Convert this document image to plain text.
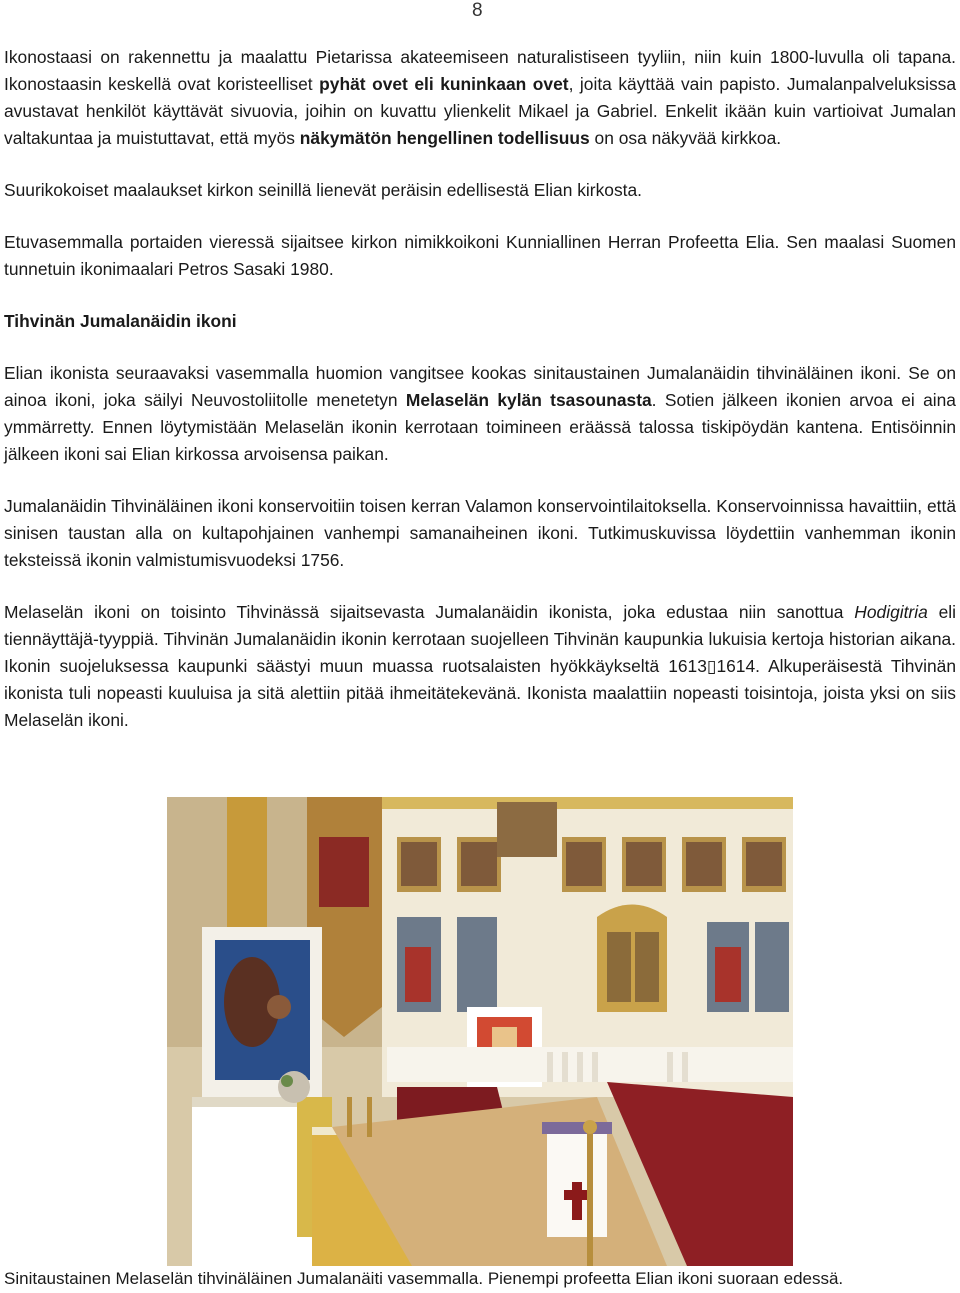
8

Ikonostaasi on rakennettu ja maalattu Pietarissa akateemiseen naturalistiseen tyyliin, niin kuin 1800-luvulla oli tapana. Ikonostaasin keskellä ovat koristeelliset pyhät ovet eli kuninkaan ovet, joita käyttää vain papisto. Jumalanpalveluksissa avustavat henkilöt käyttävät sivuovia, joihin on kuvattu ylienkelit Mikael ja Gabriel. Enkelit ikään kuin vartioivat Jumalan valtakuntaa ja muistuttavat, että myös näkymätön hengellinen todellisuus on osa näkyvää kirkkoa.

Suurikokoiset maalaukset kirkon seinillä lienevät peräisin edellisestä Elian kirkosta.

Etuvasemmalla portaiden vieressä sijaitsee kirkon nimikkoikoni Kunniallinen Herran Profeetta Elia. Sen maalasi Suomen tunnetuin ikonimaalari Petros Sasaki 1980.

Tihvinän Jumalanäidin ikoni

Elian ikonista seuraavaksi vasemmalla huomion vangitsee kookas sinitaustainen Jumalanäidin tihvinäläinen ikoni. Se on ainoa ikoni, joka säilyi Neuvostoliitolle menetetyn Melaselän kylän tsasounasta. Sotien jälkeen ikonien arvoa ei aina ymmärretty. Ennen löytymistään Melaselän ikonin kerrotaan toimineen eräässä talossa tiskipöydän kantena. Entisöinnin jälkeen ikoni sai Elian kirkossa arvoisensa paikan.

Jumalanäidin Tihvinäläinen ikoni konservoitiin toisen kerran Valamon konservointilaitoksella. Konservoinnissa havaittiin, että sinisen taustan alla on kultapohjainen vanhempi samanaiheinen ikoni. Tutkimuskuvissa löydettiin vanhemman ikonin teksteissä ikonin valmistumisvuodeksi 1756.

Melaselän ikoni on toisinto Tihvinässä sijaitsevasta Jumalanäidin ikonista, joka edustaa niin sanottua Hodigitria eli tiennäyttäjä-tyyppiä. Tihvinän Jumalanäidin ikonin kerrotaan suojelleen Tihvinän kaupunkia lukuisia kertoja historian aikana. Ikonin suojeluksessa kaupunki säästyi muun muassa ruotsalaisten hyökkäykseltä 1613▯1614. Alkuperäisestä Tihvinän ikonista tuli nopeasti kuuluisa ja sitä alettiin pitää ihmeitätekevänä. Ikonista maalattiin nopeasti toisintoja, joista yksi on siis Melaselän ikoni.

Sinitaustainen Melaselän tihvinäläinen Jumalanäiti vasemmalla. Pienempi profeetta Elian ikoni suoraan edessä.
